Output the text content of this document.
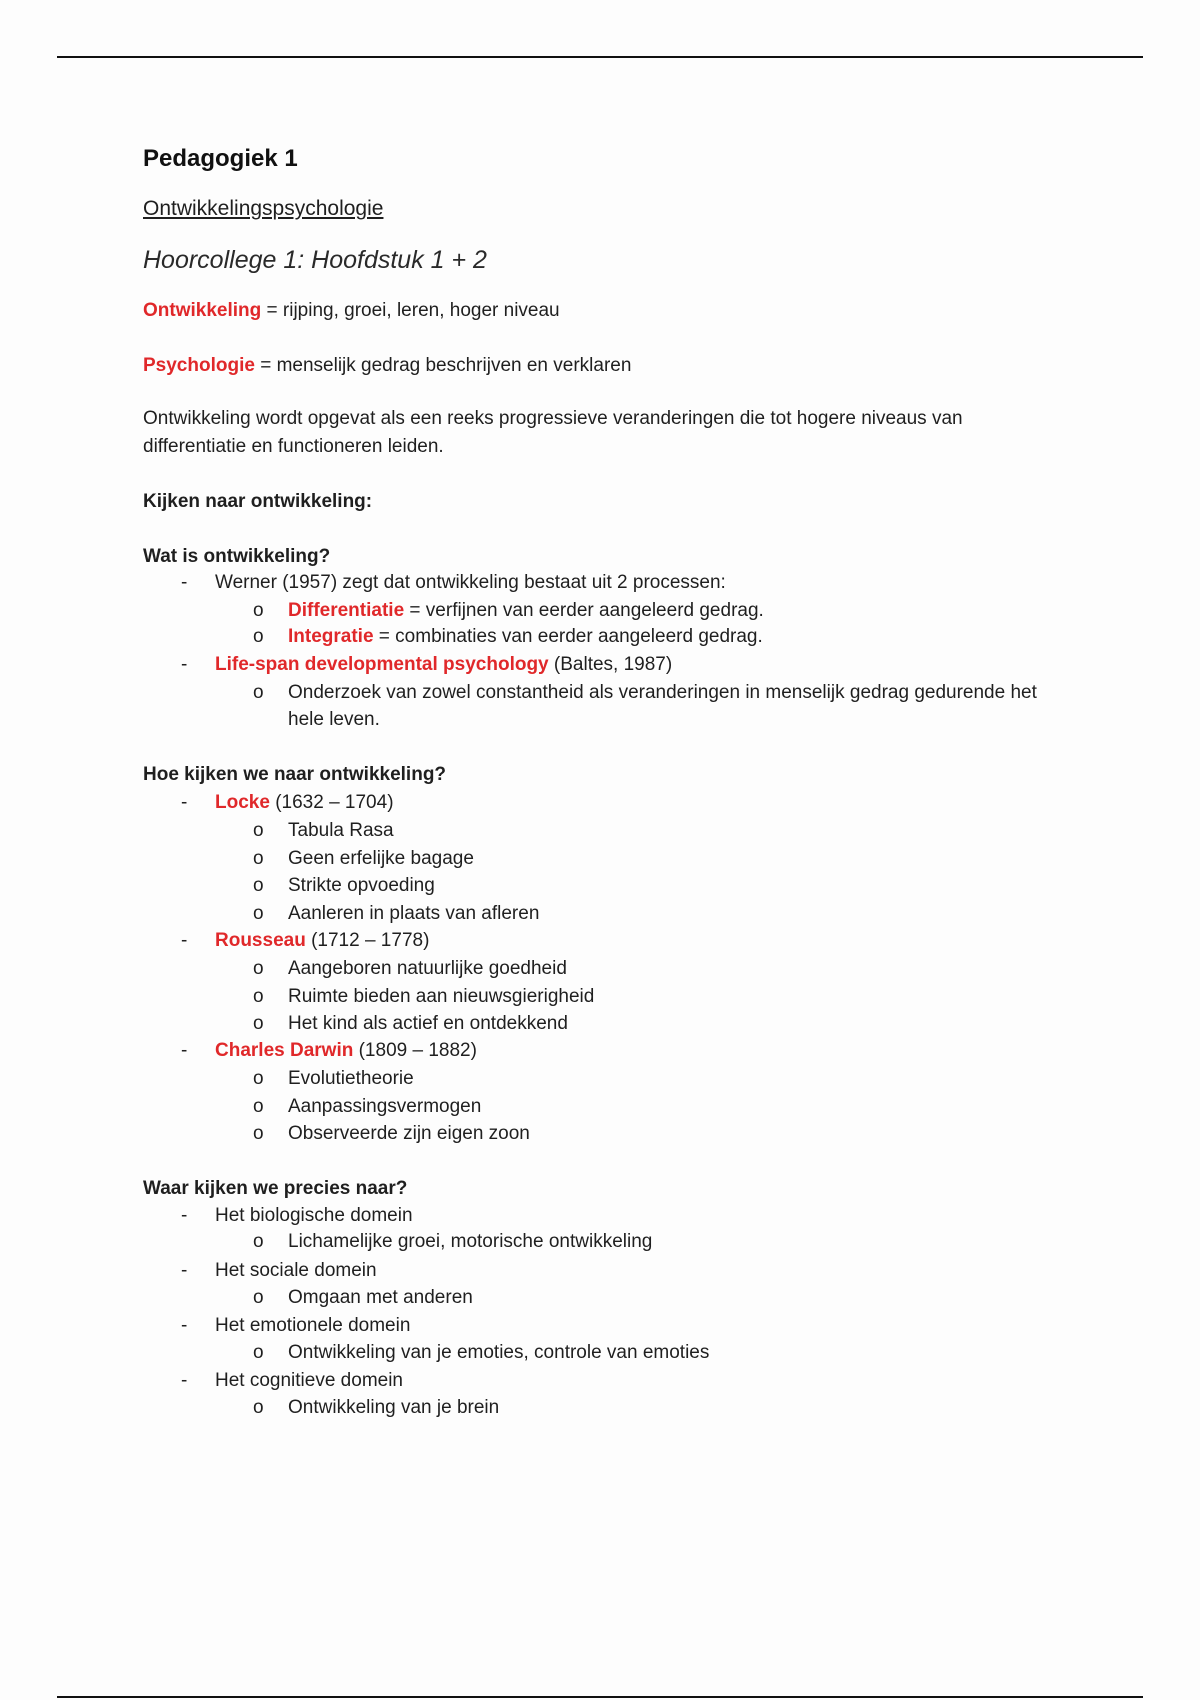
Pedagogiek 1
Ontwikkelingspsychologie
Hoorcollege 1: Hoofdstuk 1 + 2
Ontwikkeling = rijping, groei, leren, hoger niveau
Psychologie = menselijk gedrag beschrijven en verklaren
Ontwikkeling wordt opgevat als een reeks progressieve veranderingen die tot hogere niveaus van differentiatie en functioneren leiden.
Kijken naar ontwikkeling:
Wat is ontwikkeling?
- Werner (1957) zegt dat ontwikkeling bestaat uit 2 processen:
o Differentiatie = verfijnen van eerder aangeleerd gedrag.
o Integratie = combinaties van eerder aangeleerd gedrag.
- Life-span developmental psychology (Baltes, 1987)
o Onderzoek van zowel constantheid als veranderingen in menselijk gedrag gedurende het hele leven.
Hoe kijken we naar ontwikkeling?
- Locke (1632 – 1704)
o Tabula Rasa
o Geen erfelijke bagage
o Strikte opvoeding
o Aanleren in plaats van afleren
- Rousseau (1712 – 1778)
o Aangeboren natuurlijke goedheid
o Ruimte bieden aan nieuwsgierigheid
o Het kind als actief en ontdekkend
- Charles Darwin (1809 – 1882)
o Evolutietheorie
o Aanpassingsvermogen
o Observeerde zijn eigen zoon
Waar kijken we precies naar?
- Het biologische domein
o Lichamelijke groei, motorische ontwikkeling
- Het sociale domein
o Omgaan met anderen
- Het emotionele domein
o Ontwikkeling van je emoties, controle van emoties
- Het cognitieve domein
o Ontwikkeling van je brein
